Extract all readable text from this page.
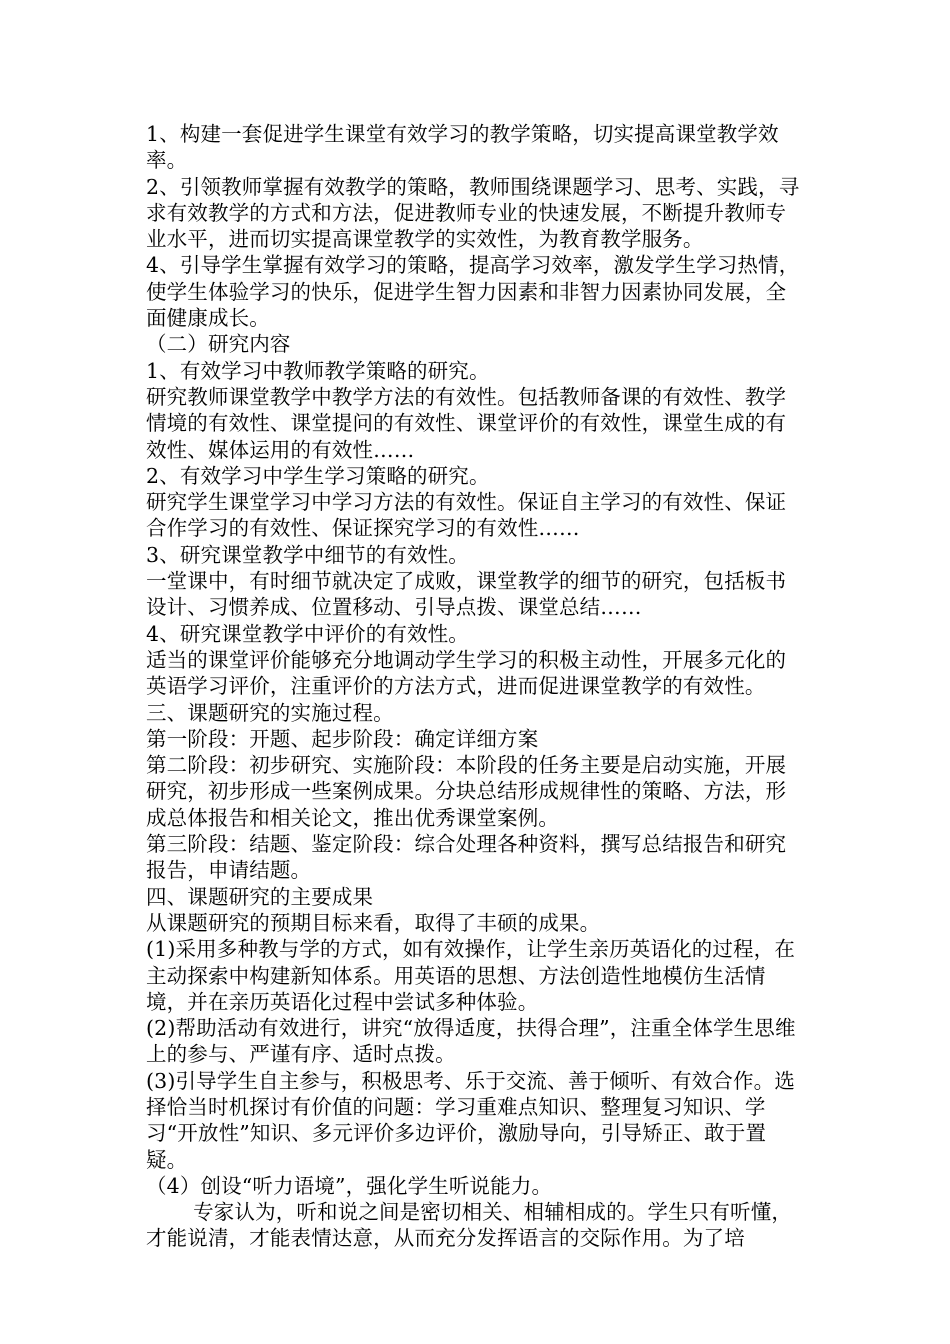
1、构建一套促进学生课堂有效学习的教学策略，切实提高课堂教学效率。

2、引领教师掌握有效教学的策略，教师围绕课题学习、思考、实践，寻求有效教学的方式和方法，促进教师专业的快速发展，不断提升教师专业水平，进而切实提高课堂教学的实效性，为教育教学服务。

4、引导学生掌握有效学习的策略，提高学习效率，激发学生学习热情，使学生体验学习的快乐，促进学生智力因素和非智力因素协同发展，全面健康成长。

（二）研究内容

1、有效学习中教师教学策略的研究。

研究教师课堂教学中教学方法的有效性。包括教师备课的有效性、教学情境的有效性、课堂提问的有效性、课堂评价的有效性，课堂生成的有效性、媒体运用的有效性……

2、有效学习中学生学习策略的研究。

研究学生课堂学习中学习方法的有效性。保证自主学习的有效性、保证合作学习的有效性、保证探究学习的有效性……

3、研究课堂教学中细节的有效性。

一堂课中，有时细节就决定了成败，课堂教学的细节的研究，包括板书设计、习惯养成、位置移动、引导点拨、课堂总结……

4、研究课堂教学中评价的有效性。

适当的课堂评价能够充分地调动学生学习的积极主动性，开展多元化的英语学习评价，注重评价的方法方式，进而促进课堂教学的有效性。

三、课题研究的实施过程。

第一阶段：开题、起步阶段：确定详细方案

第二阶段：初步研究、实施阶段：本阶段的任务主要是启动实施，开展研究，初步形成一些案例成果。分块总结形成规律性的策略、方法，形成总体报告和相关论文，推出优秀课堂案例。

第三阶段：结题、鉴定阶段：综合处理各种资料，撰写总结报告和研究报告，申请结题。

四、课题研究的主要成果

从课题研究的预期目标来看，取得了丰硕的成果。

(1)采用多种教与学的方式，如有效操作，让学生亲历英语化的过程，在主动探索中构建新知体系。用英语的思想、方法创造性地模仿生活情境，并在亲历英语化过程中尝试多种体验。

(2)帮助活动有效进行，讲究“放得适度，扶得合理”，注重全体学生思维上的参与、严谨有序、适时点拨。

(3)引导学生自主参与，积极思考、乐于交流、善于倾听、有效合作。选择恰当时机探讨有价值的问题：学习重难点知识、整理复习知识、学习“开放性”知识、多元评价多边评价，激励导向，引导矫正、敢于置疑。

（4）创设“听力语境”，强化学生听说能力。

专家认为，听和说之间是密切相关、相辅相成的。学生只有听懂，才能说清，才能表情达意，从而充分发挥语言的交际作用。为了培
